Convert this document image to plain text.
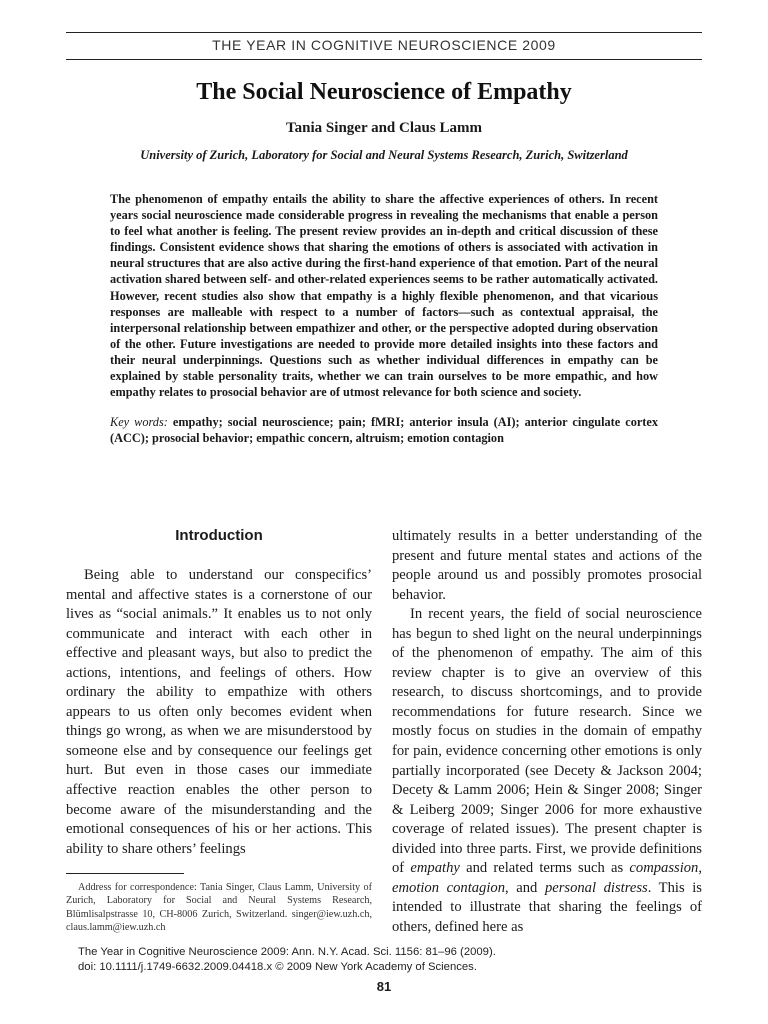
THE YEAR IN COGNITIVE NEUROSCIENCE 2009
The Social Neuroscience of Empathy
Tania Singer and Claus Lamm
University of Zurich, Laboratory for Social and Neural Systems Research, Zurich, Switzerland

The phenomenon of empathy entails the ability to share the affective experiences of others. In recent years social neuroscience made considerable progress in revealing the mechanisms that enable a person to feel what another is feeling. The present review provides an in-depth and critical discussion of these findings. Consistent evidence shows that sharing the emotions of others is associated with activation in neural structures that are also active during the first-hand experience of that emotion. Part of the neural activation shared between self- and other-related experiences seems to be rather automatically activated. However, recent studies also show that empathy is a highly flexible phenomenon, and that vicarious responses are malleable with respect to a number of factors—such as contextual appraisal, the interpersonal relationship between empathizer and other, or the perspective adopted during observation of the other. Future investigations are needed to provide more detailed insights into these factors and their neural underpinnings. Questions such as whether individual differences in empathy can be explained by stable personality traits, whether we can train ourselves to be more empathic, and how empathy relates to prosocial behavior are of utmost relevance for both science and society.

Key words: empathy; social neuroscience; pain; fMRI; anterior insula (AI); anterior cingulate cortex (ACC); prosocial behavior; empathic concern, altruism; emotion contagion

Introduction

Being able to understand our conspecifics’ mental and affective states is a cornerstone of our lives as “social animals.” It enables us to not only communicate and interact with each other in effective and pleasant ways, but also to predict the actions, intentions, and feelings of others. How ordinary the ability to empathize with others appears to us often only becomes evident when things go wrong, as when we are misunderstood by someone else and by consequence our feelings get hurt. But even in those cases our immediate affective reaction enables the other person to become aware of the misunderstanding and the emotional consequences of his or her actions. This ability to share others’ feelings

ultimately results in a better understanding of the present and future mental states and actions of the people around us and possibly promotes prosocial behavior.

In recent years, the field of social neuroscience has begun to shed light on the neural underpinnings of the phenomenon of empathy. The aim of this review chapter is to give an overview of this research, to discuss shortcomings, and to provide recommendations for future research. Since we mostly focus on studies in the domain of empathy for pain, evidence concerning other emotions is only partially incorporated (see Decety & Jackson 2004; Decety & Lamm 2006; Hein & Singer 2008; Singer & Leiberg 2009; Singer 2006 for more exhaustive coverage of related issues). The present chapter is divided into three parts. First, we provide definitions of empathy and related terms such as compassion, emotion contagion, and personal distress. This is intended to illustrate that sharing the feelings of others, defined here as

Address for correspondence: Tania Singer, Claus Lamm, University of Zurich, Laboratory for Social and Neural Systems Research, Blümlisalpstrasse 10, CH-8006 Zurich, Switzerland. singer@iew.uzh.ch, claus.lamm@iew.uzh.ch

The Year in Cognitive Neuroscience 2009: Ann. N.Y. Acad. Sci. 1156: 81–96 (2009).
doi: 10.1111/j.1749-6632.2009.04418.x © 2009 New York Academy of Sciences.
81
